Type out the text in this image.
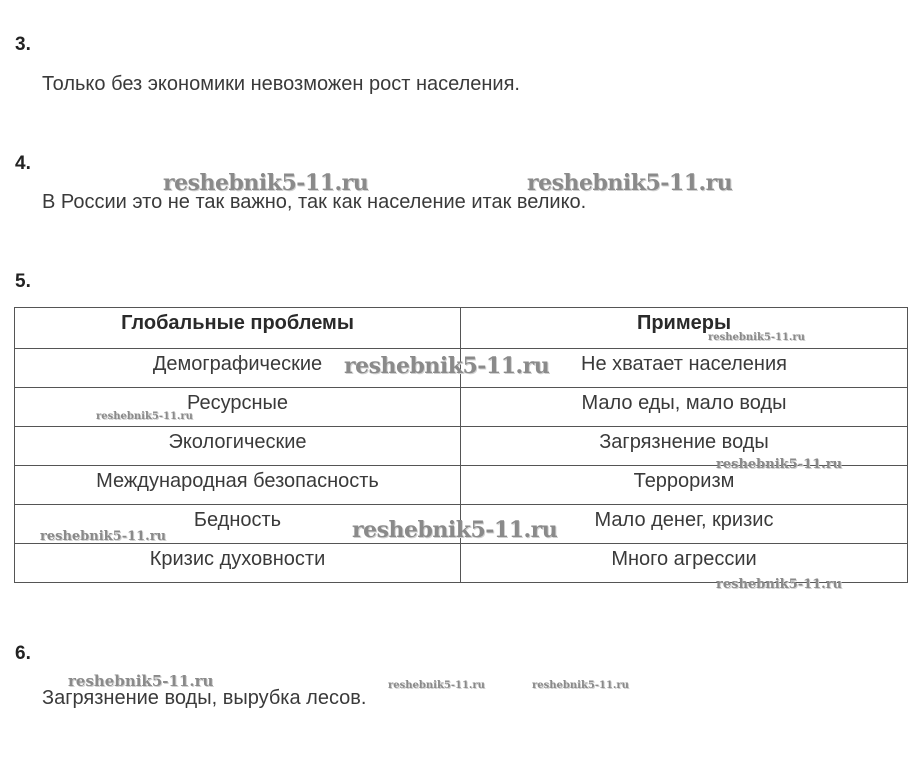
3.
Только без экономики невозможен рост населения.
4.
В России это не так важно, так как население итак велико.
5.
Глобальные проблемы	Примеры
Демографические	Не хватает населения
Ресурсные	Мало еды, мало воды
Экологические	Загрязнение воды
Международная безопасность	Терроризм
Бедность	Мало денег, кризис
Кризис духовности	Много агрессии
6.
Загрязнение воды, вырубка лесов.
reshebnik5-11.ru	reshebnik5-11.ru
reshebnik5-11.ru
reshebnik5-11.ru
reshebnik5-11.ru
reshebnik5-11.ru
reshebnik5-11.ru
reshebnik5-11.ru
reshebnik5-11.ru
reshebnik5-11.ru	reshebnik5-11.ru	reshebnik5-11.ru
